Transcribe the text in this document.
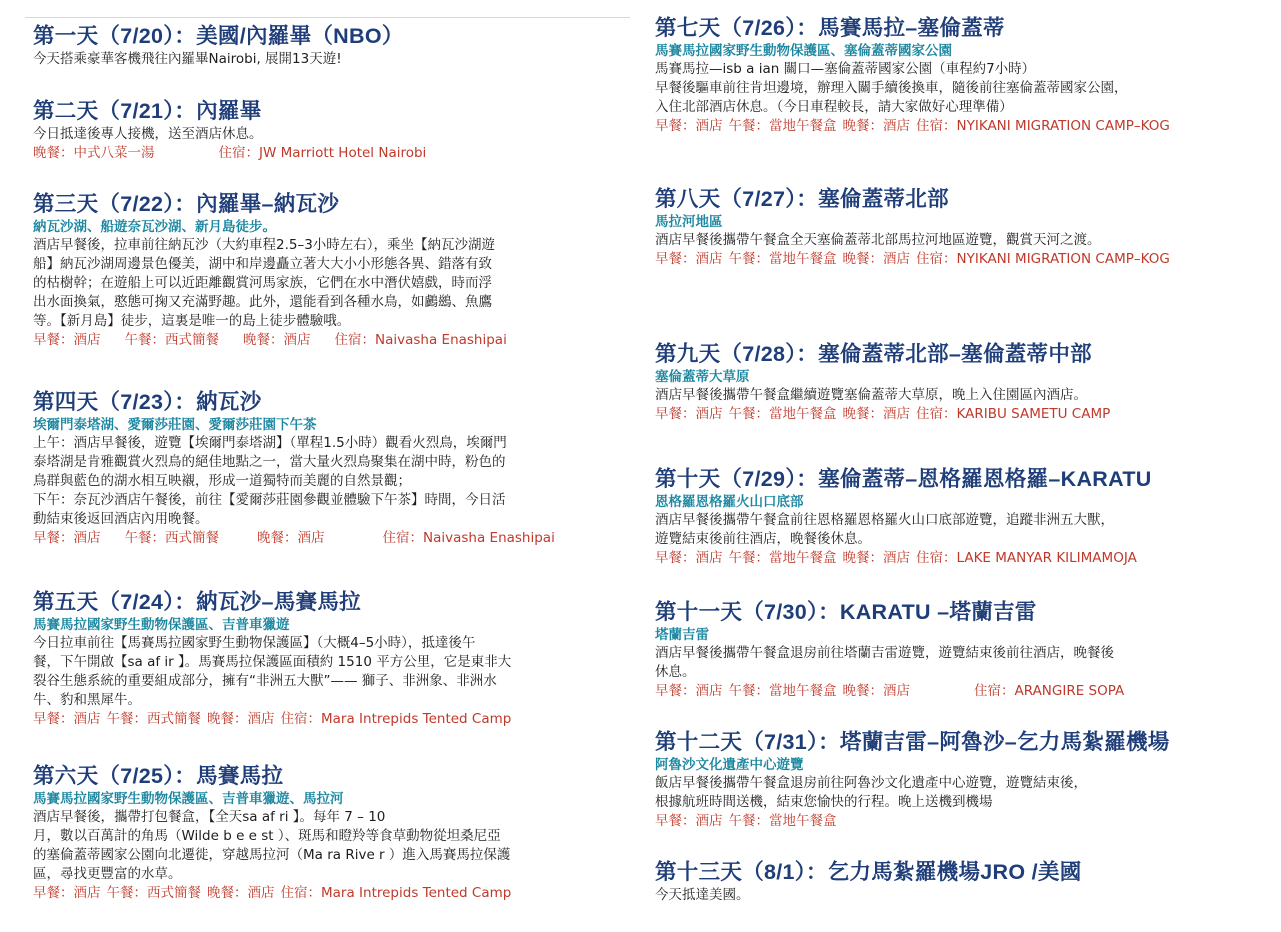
第一天（7/20）：美國/內羅畢（NBO）

今天搭乘豪華客機飛往內羅畢Nairobi, 展開13天遊!

第二天（7/21）：內羅畢

今日抵達後專人接機，送至酒店休息。

晚餐：中式八菜一湯	住宿：JW Marriott Hotel Nairobi
第三天（7/22）：內羅畢–納瓦沙
納瓦沙湖、船遊奈瓦沙湖、新月島徒步。

酒店早餐後，拉車前往納瓦沙（大約車程2.5–3小時左右），乘坐【納瓦沙湖遊

船】納瓦沙湖周邊景色優美，湖中和岸邊矗立著大大小小形態各異、錯落有致

的枯樹幹；在遊船上可以近距離觀賞河馬家族，它們在水中潛伏嬉戲，時而浮

出水面換氣，憨態可掬又充滿野趣。此外，還能看到各種水鳥，如鸕鷀、魚鷹

等。【新月島】徒步，這裏是唯一的島上徒步體驗哦。

早餐：酒店 午餐：西式簡餐 晚餐：酒店 住宿：Naivasha Enashipai
第四天（7/23）：納瓦沙
埃爾門泰塔湖、愛爾莎莊園、愛爾莎莊園下午茶

上午：酒店早餐後，遊覽【埃爾門泰塔湖】（單程1.5小時）觀看火烈鳥，埃爾門

泰塔湖是肯雅觀賞火烈鳥的絕佳地點之一，當大量火烈鳥聚集在湖中時，粉色的

鳥群與藍色的湖水相互映襯，形成一道獨特而美麗的自然景觀；

下午：奈瓦沙酒店午餐後，前往【愛爾莎莊園參觀並體驗下午茶】時間，今日活

動結束後返回酒店內用晚餐。

早餐：酒店 午餐：西式簡餐	晚餐：酒店	住宿：Naivasha Enashipai
第五天（7/24）：納瓦沙–馬賽馬拉
馬賽馬拉國家野生動物保護區、吉普車獵遊

今日拉車前往【馬賽馬拉國家野生動物保護區】（大概4–5小時），抵達後午

餐，下午開啟【sa af ir 】。馬賽馬拉保護區面積約 1510 平方公里，它是東非大

裂谷生態系統的重要組成部分，擁有“非洲五大獸”—— 獅子、非洲象、非洲水

牛、豹和黑犀牛。

早餐：酒店 午餐：西式簡餐 晚餐：酒店 住宿：Mara Intrepids Tented Camp
第六天（7/25）：馬賽馬拉
馬賽馬拉國家野生動物保護區、吉普車獵遊、馬拉河

酒店早餐後，攜帶打包餐盒，【全天sa af ri 】。每年 7 – 10

月，數以百萬計的角馬（Wilde b e e st ）、斑馬和瞪羚等食草動物從坦桑尼亞

的塞倫蓋蒂國家公園向北遷徙，穿越馬拉河（Ma ra Rive r ）進入馬賽馬拉保護

區，尋找更豐富的水草。

早餐：酒店 午餐：西式簡餐 晚餐：酒店 住宿：Mara Intrepids Tented Camp
第七天（7/26）：馬賽馬拉–塞倫蓋蒂
馬賽馬拉國家野生動物保護區、塞倫蓋蒂國家公園

馬賽馬拉—isb a ian 關口—塞倫蓋蒂國家公園（車程約7小時）

早餐後驅車前往肯坦邊境，辦理入關手續後換車，隨後前往塞倫蓋蒂國家公園，

入住北部酒店休息。（今日車程較長，請大家做好心理準備）

早餐：酒店 午餐：當地午餐盒 晚餐：酒店 住宿：NYIKANI MIGRATION CAMP–KOG
第八天（7/27）：塞倫蓋蒂北部
馬拉河地區

酒店早餐後攜帶午餐盒全天塞倫蓋蒂北部馬拉河地區遊覽，觀賞天河之渡。

早餐：酒店 午餐：當地午餐盒 晚餐：酒店 住宿：NYIKANI MIGRATION CAMP–KOG
第九天（7/28）：塞倫蓋蒂北部–塞倫蓋蒂中部
塞倫蓋蒂大草原

酒店早餐後攜帶午餐盒繼續遊覽塞倫蓋蒂大草原，晚上入住園區內酒店。

早餐：酒店 午餐：當地午餐盒 晚餐：酒店 住宿：KARIBU SAMETU CAMP
第十天（7/29）：塞倫蓋蒂–恩格羅恩格羅–KARATU
恩格羅恩格羅火山口底部

酒店早餐後攜帶午餐盒前往恩格羅恩格羅火山口底部遊覽，追蹤非洲五大獸，

遊覽結束後前往酒店，晚餐後休息。

早餐：酒店 午餐：當地午餐盒 晚餐：酒店 住宿：LAKE MANYAR KILIMAMOJA
第十一天（7/30）：KARATU –塔蘭吉雷
塔蘭吉雷

酒店早餐後攜帶午餐盒退房前往塔蘭吉雷遊覽，遊覽結束後前往酒店，晚餐後

休息。

早餐：酒店 午餐：當地午餐盒 晚餐：酒店	住宿：ARANGIRE SOPA
第十二天（7/31）：塔蘭吉雷–阿魯沙–乞力馬紮羅機場
阿魯沙文化遺產中心遊覽

飯店早餐後攜帶午餐盒退房前往阿魯沙文化遺產中心遊覽，遊覽結束後，

根據航班時間送機，結束您愉快的行程。晚上送機到機場

早餐：酒店 午餐：當地午餐盒
第十三天（8/1）：乞力馬紮羅機場JRO /美國

今天抵達美國。
